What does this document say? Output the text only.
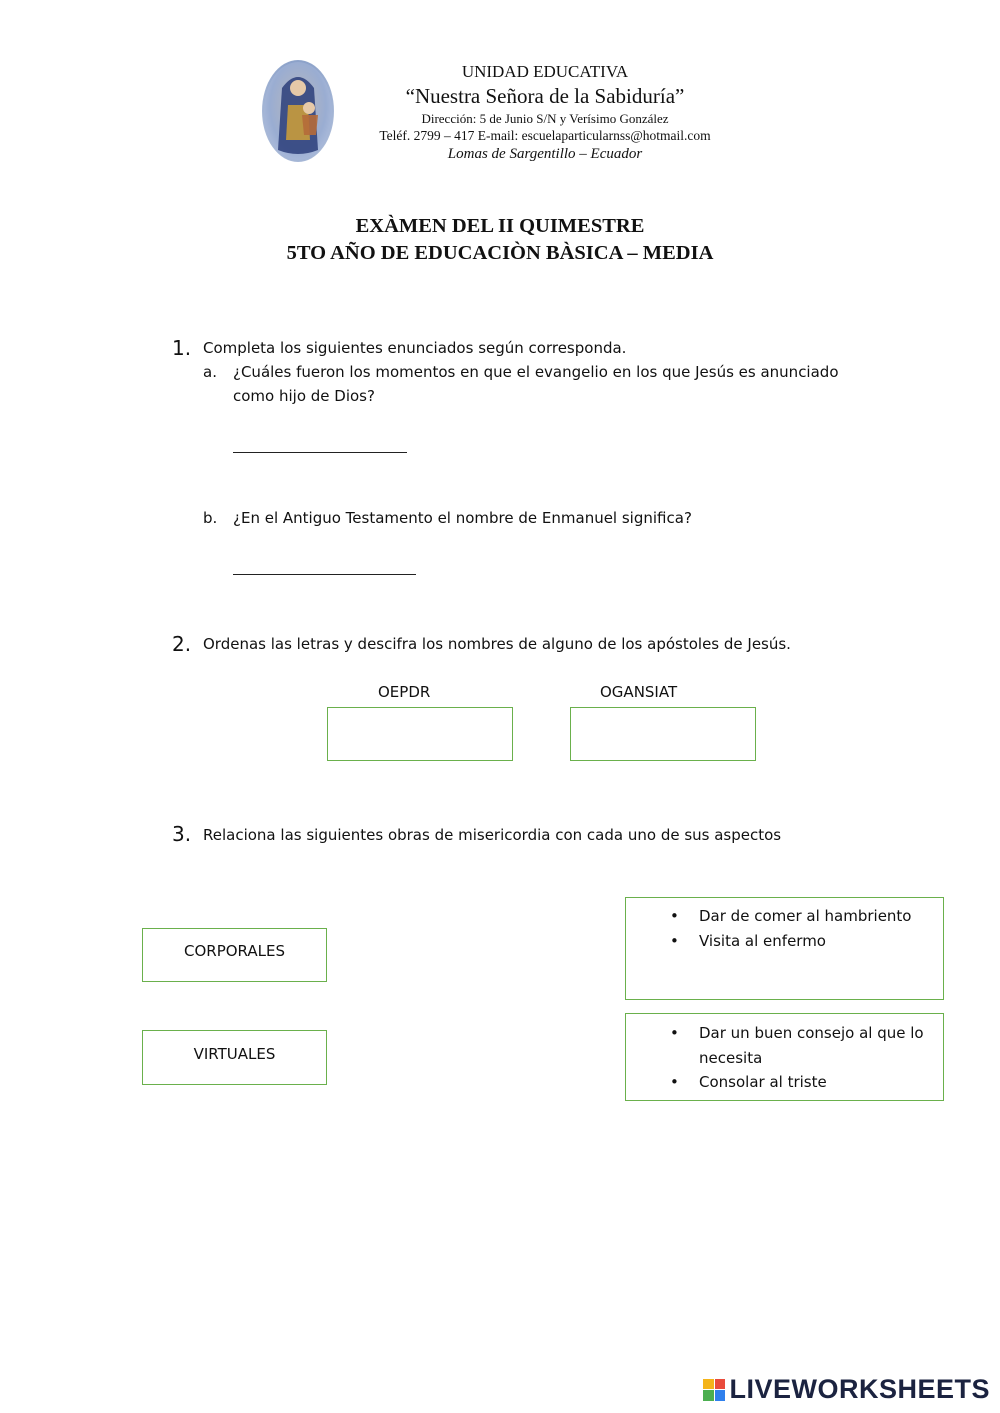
UNIDAD EDUCATIVA
“Nuestra Señora de la Sabiduría”
Dirección: 5 de Junio S/N y Verísimo González
Teléf. 2799 – 417 E-mail: escuelaparticularnss@hotmail.com
Lomas de Sargentillo – Ecuador
EXÀMEN DEL II QUIMESTRE
5TO AÑO DE EDUCACIÒN BÀSICA – MEDIA
1. Completa los siguientes enunciados según corresponda.
a. ¿Cuáles fueron los momentos en que el evangelio en los que Jesús es anunciado
como hijo de Dios?
b. ¿En el Antiguo Testamento el nombre de Enmanuel significa?
2. Ordenas las letras y descifra los nombres de alguno de los apóstoles de Jesús.
OEPDR	OGANSIAT
3. Relaciona las siguientes obras de misericordia con cada uno de sus aspectos
CORPORALES
VIRTUALES
• Dar de comer al hambriento
• Visita al enfermo
• Dar un buen consejo al que lo
necesita
• Consolar al triste
LIVEWORKSHEETS
